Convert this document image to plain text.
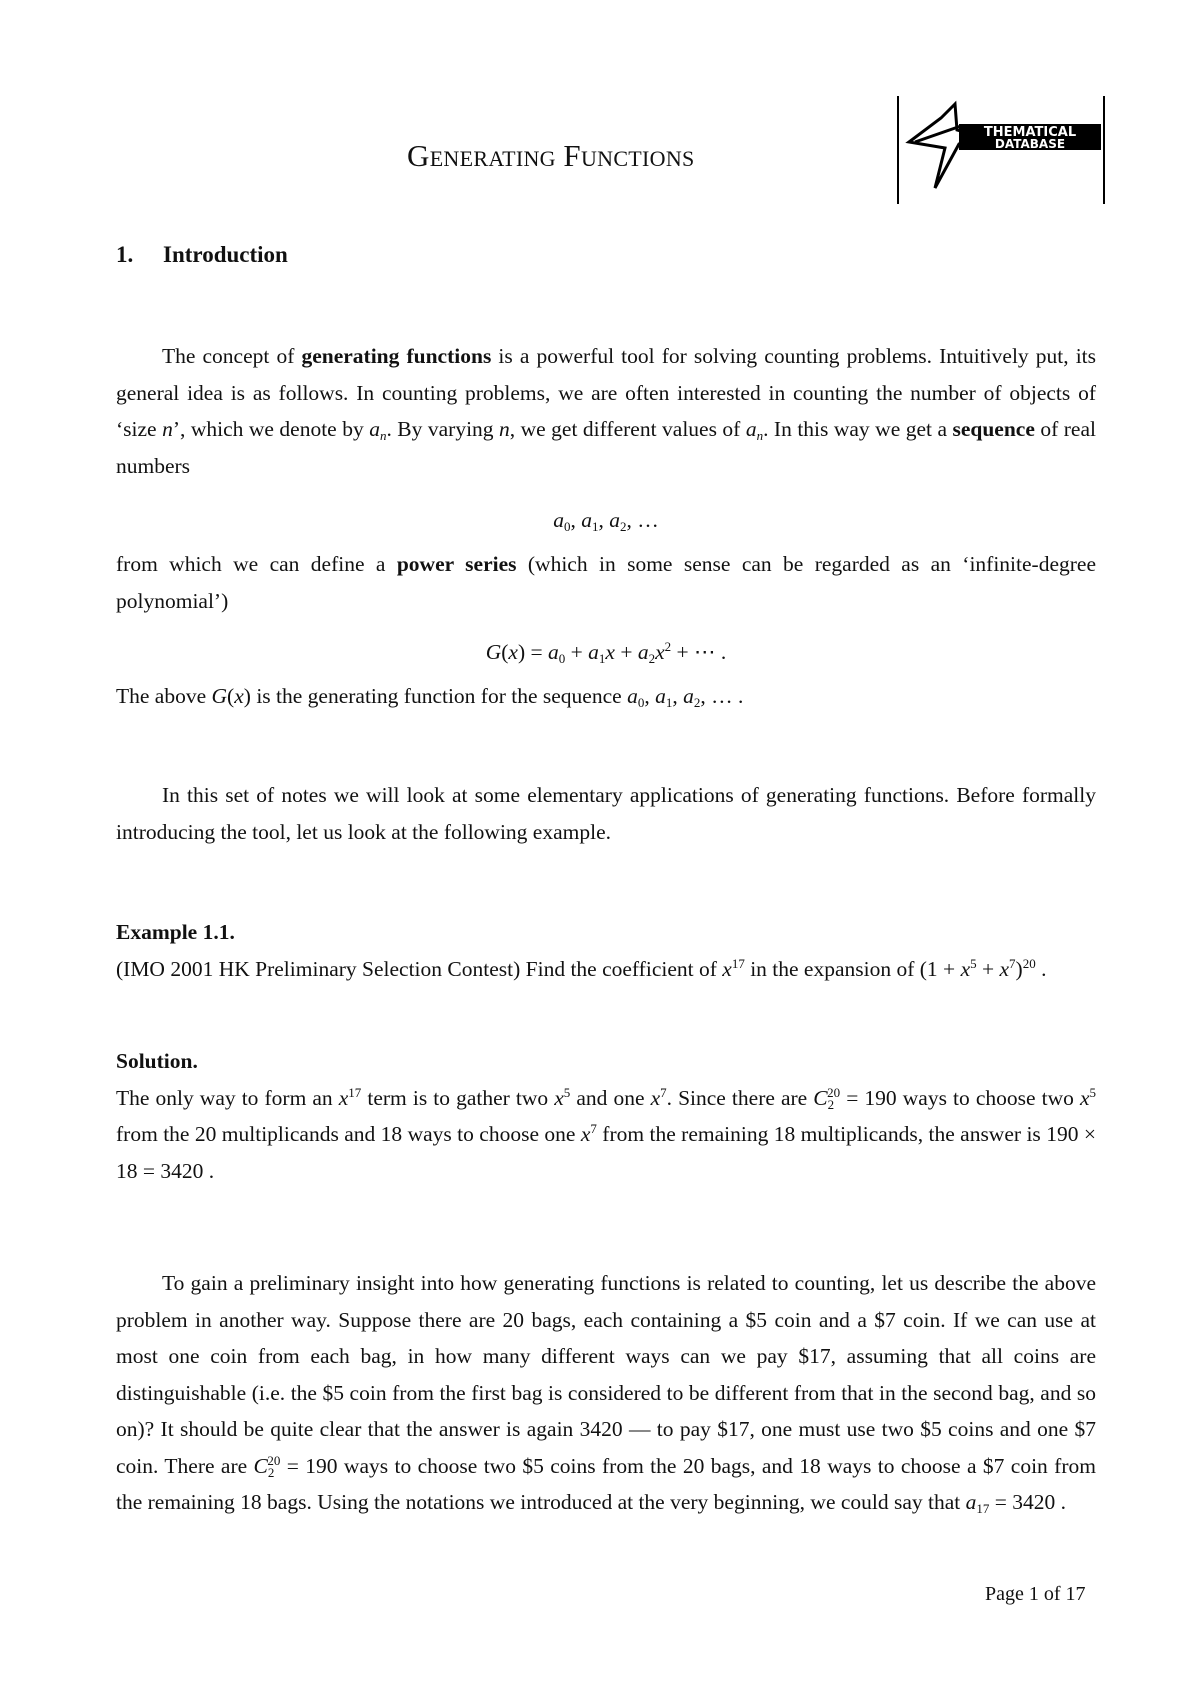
GENERATING FUNCTIONS
THEMATICAL
DATABASE
1. Introduction

The concept of generating functions is a powerful tool for solving counting problems. Intuitively put, its general idea is as follows. In counting problems, we are often interested in counting the number of objects of ‘size n’, which we denote by $a_n$. By varying n, we get different values of $a_n$. In this way we get a sequence of real numbers

$a_0$, $a_1$, $a_2$, …

from which we can define a power series (which in some sense can be regarded as an ‘infinite-degree polynomial’)

$G(x) = a_0 + a_1x + a_2x^2$ + ⋯ .

The above G(x) is the generating function for the sequence $a_0$, $a_1$, $a_2$, … .

In this set of notes we will look at some elementary applications of generating functions. Before formally introducing the tool, let us look at the following example.

Example 1.1.

(IMO 2001 HK Preliminary Selection Contest) Find the coefficient of $x^{17}$ in the expansion of $(1 + x^5 + x^7)^{20}$ .

Solution.

The only way to form an $x^{17}$ term is to gather two $x^5$ and one $x^7$. Since there are $C_2^{20} = 190$ ways to choose two $x^5$ from the 20 multiplicands and 18 ways to choose one $x^7$ from the remaining 18 multiplicands, the answer is 190 × 18 = 3420 .

To gain a preliminary insight into how generating functions is related to counting, let us describe the above problem in another way. Suppose there are 20 bags, each containing a $5 coin and a $7 coin. If we can use at most one coin from each bag, in how many different ways can we pay $17, assuming that all coins are distinguishable (i.e. the $5 coin from the first bag is considered to be different from that in the second bag, and so on)? It should be quite clear that the answer is again 3420 — to pay $17, one must use two $5 coins and one $7 coin. There are $C_2^{20} = 190$ ways to choose two $5 coins from the 20 bags, and 18 ways to choose a $7 coin from the remaining 18 bags. Using the notations we introduced at the very beginning, we could say that $a_{17} = 3420$ .

Page 1 of 17
